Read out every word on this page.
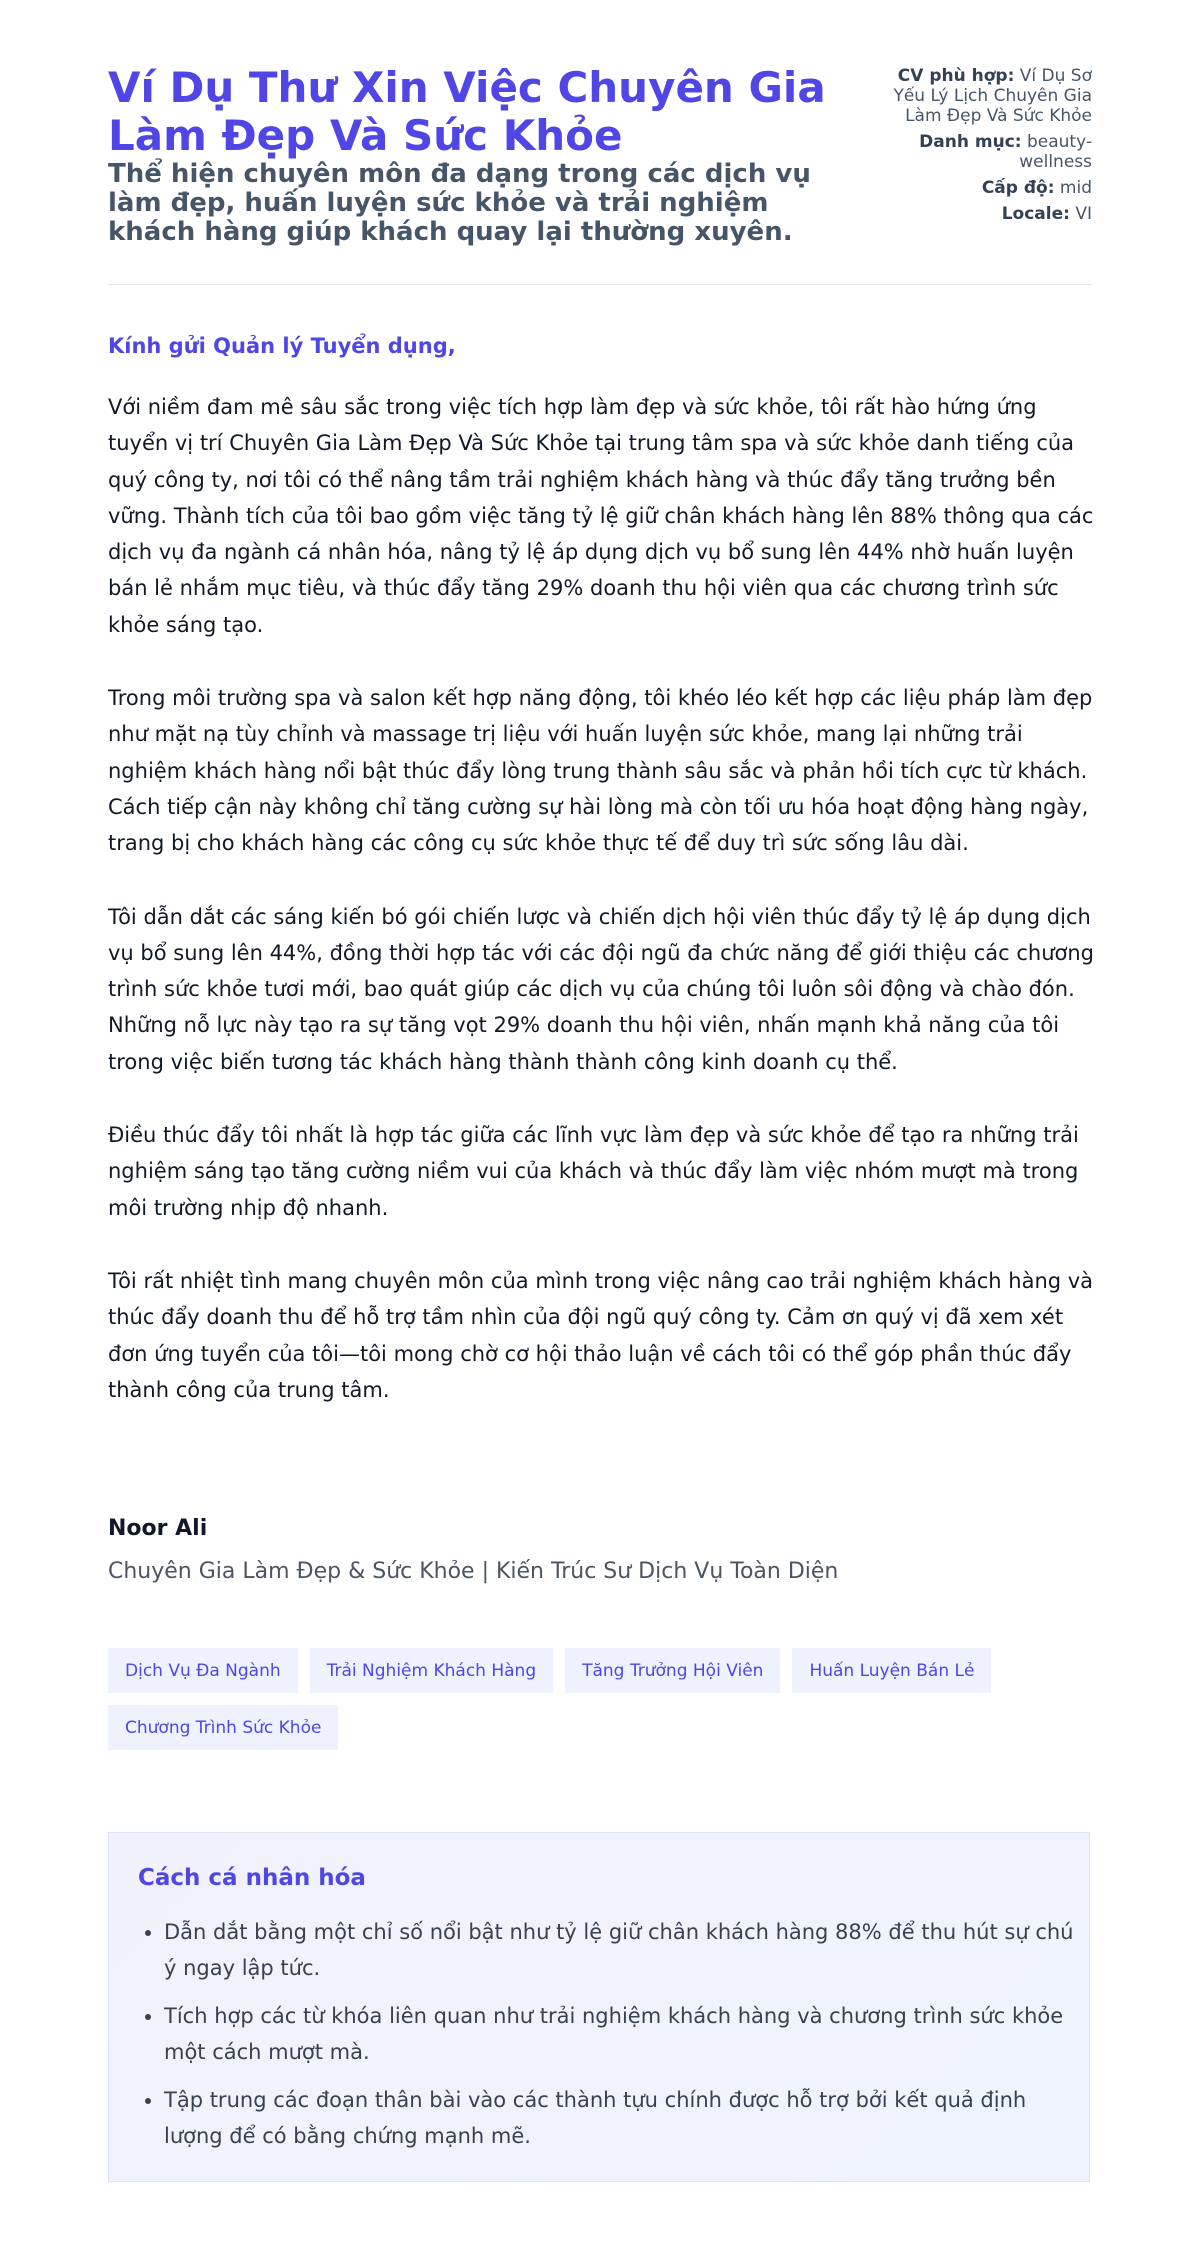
Ví Dụ Thư Xin Việc Chuyên Gia Làm Đẹp Và Sức Khỏe
Thể hiện chuyên môn đa dạng trong các dịch vụ làm đẹp, huấn luyện sức khỏe và trải nghiệm khách hàng giúp khách quay lại thường xuyên.
CV phù hợp: Ví Dụ Sơ Yếu Lý Lịch Chuyên Gia Làm Đẹp Và Sức Khỏe
Danh mục: beauty-wellness
Cấp độ: mid
Locale: VI

Kính gửi Quản lý Tuyển dụng,

Với niềm đam mê sâu sắc trong việc tích hợp làm đẹp và sức khỏe, tôi rất hào hứng ứng tuyển vị trí Chuyên Gia Làm Đẹp Và Sức Khỏe tại trung tâm spa và sức khỏe danh tiếng của quý công ty, nơi tôi có thể nâng tầm trải nghiệm khách hàng và thúc đẩy tăng trưởng bền vững. Thành tích của tôi bao gồm việc tăng tỷ lệ giữ chân khách hàng lên 88% thông qua các dịch vụ đa ngành cá nhân hóa, nâng tỷ lệ áp dụng dịch vụ bổ sung lên 44% nhờ huấn luyện bán lẻ nhắm mục tiêu, và thúc đẩy tăng 29% doanh thu hội viên qua các chương trình sức khỏe sáng tạo.

Trong môi trường spa và salon kết hợp năng động, tôi khéo léo kết hợp các liệu pháp làm đẹp như mặt nạ tùy chỉnh và massage trị liệu với huấn luyện sức khỏe, mang lại những trải nghiệm khách hàng nổi bật thúc đẩy lòng trung thành sâu sắc và phản hồi tích cực từ khách. Cách tiếp cận này không chỉ tăng cường sự hài lòng mà còn tối ưu hóa hoạt động hàng ngày, trang bị cho khách hàng các công cụ sức khỏe thực tế để duy trì sức sống lâu dài.

Tôi dẫn dắt các sáng kiến bó gói chiến lược và chiến dịch hội viên thúc đẩy tỷ lệ áp dụng dịch vụ bổ sung lên 44%, đồng thời hợp tác với các đội ngũ đa chức năng để giới thiệu các chương trình sức khỏe tươi mới, bao quát giúp các dịch vụ của chúng tôi luôn sôi động và chào đón. Những nỗ lực này tạo ra sự tăng vọt 29% doanh thu hội viên, nhấn mạnh khả năng của tôi trong việc biến tương tác khách hàng thành thành công kinh doanh cụ thể.

Điều thúc đẩy tôi nhất là hợp tác giữa các lĩnh vực làm đẹp và sức khỏe để tạo ra những trải nghiệm sáng tạo tăng cường niềm vui của khách và thúc đẩy làm việc nhóm mượt mà trong môi trường nhịp độ nhanh.

Tôi rất nhiệt tình mang chuyên môn của mình trong việc nâng cao trải nghiệm khách hàng và thúc đẩy doanh thu để hỗ trợ tầm nhìn của đội ngũ quý công ty. Cảm ơn quý vị đã xem xét đơn ứng tuyển của tôi—tôi mong chờ cơ hội thảo luận về cách tôi có thể góp phần thúc đẩy thành công của trung tâm.

Noor Ali

Chuyên Gia Làm Đẹp & Sức Khỏe | Kiến Trúc Sư Dịch Vụ Toàn Diện

Dịch Vụ Đa Ngành	Trải Nghiệm Khách Hàng	Tăng Trưởng Hội Viên	Huấn Luyện Bán Lẻ
Chương Trình Sức Khỏe
Cách cá nhân hóa
• Dẫn dắt bằng một chỉ số nổi bật như tỷ lệ giữ chân khách hàng 88% để thu hút sự chú ý ngay lập tức.
• Tích hợp các từ khóa liên quan như trải nghiệm khách hàng và chương trình sức khỏe một cách mượt mà.
• Tập trung các đoạn thân bài vào các thành tựu chính được hỗ trợ bởi kết quả định lượng để có bằng chứng mạnh mẽ.
